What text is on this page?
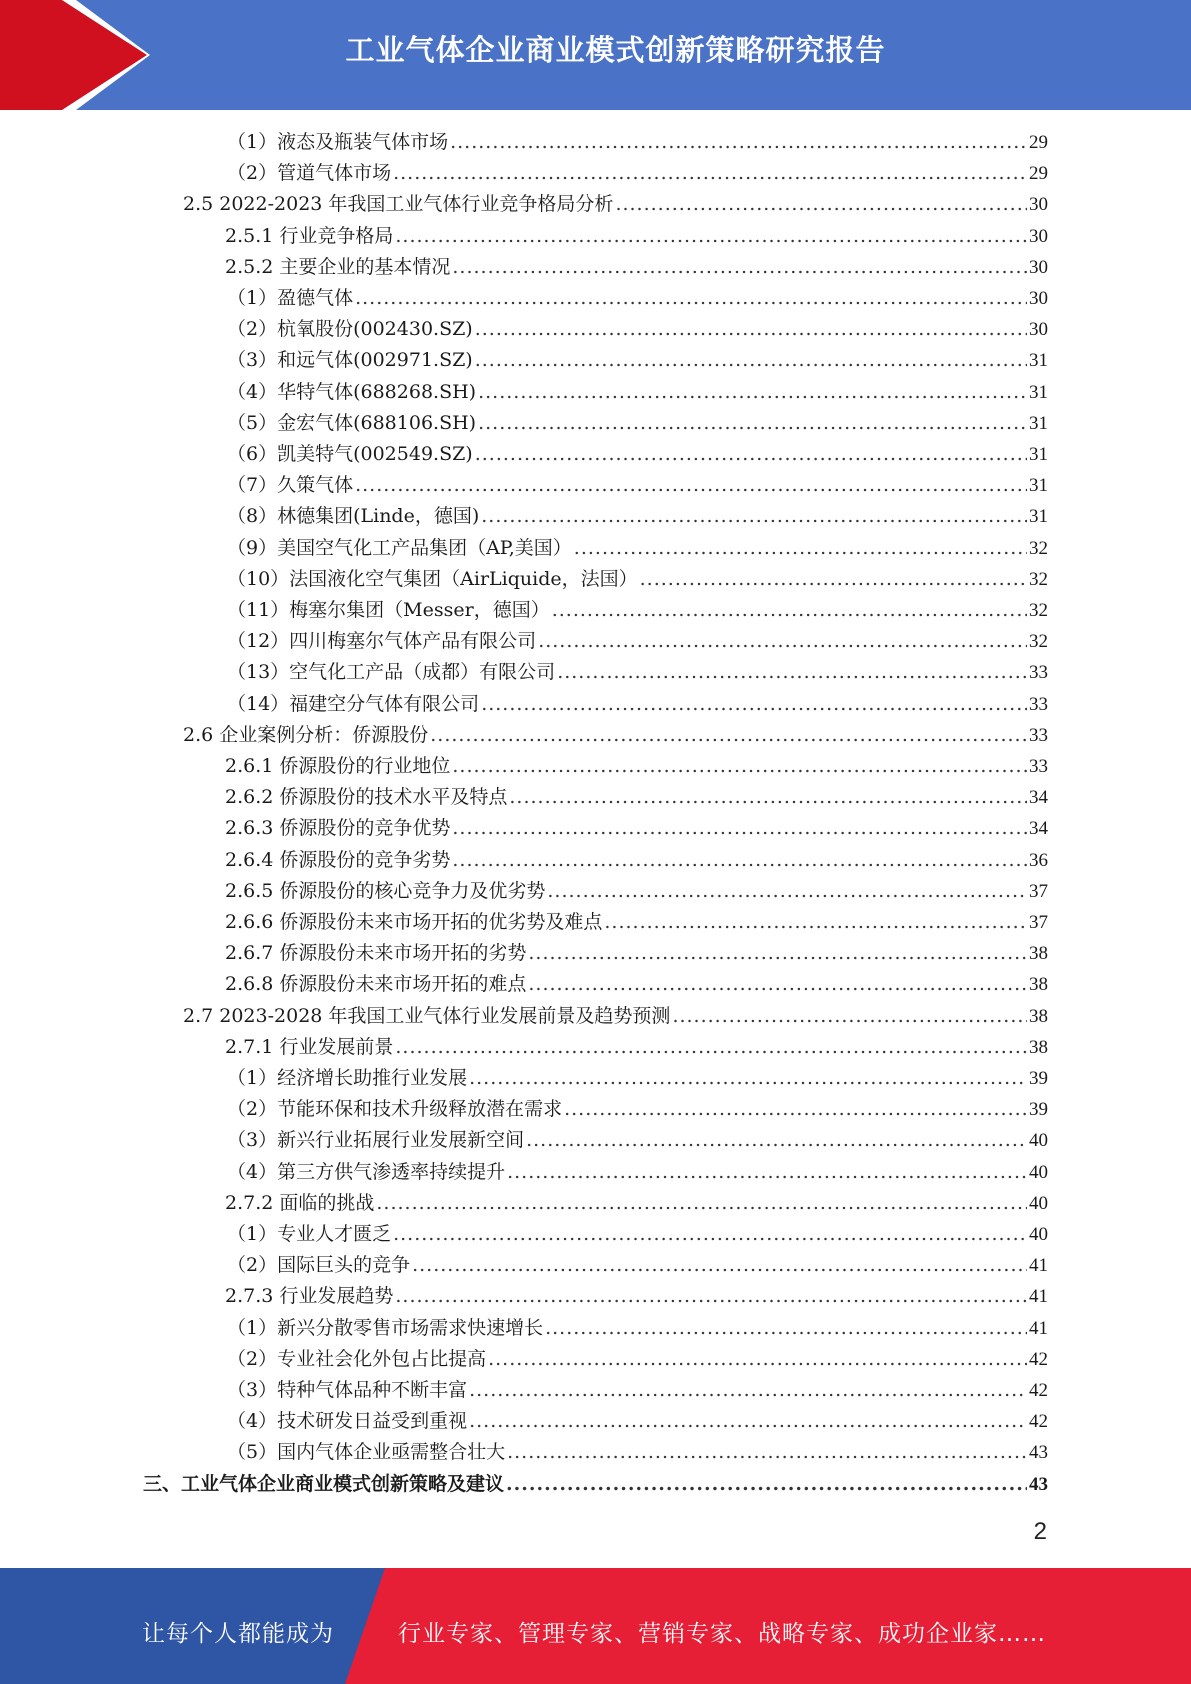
工业气体企业商业模式创新策略研究报告
（1）液态及瓶装气体市场 .....	29
（2）管道气体市场 .....	29
2.5 2022-2023 年我国工业气体行业竞争格局分析 .....	30
2.5.1 行业竞争格局 .....	30
2.5.2 主要企业的基本情况 .....	30
（1）盈德气体 .....	30
（2）杭氧股份(002430.SZ) .....	30
（3）和远气体(002971.SZ) .....	31
（4）华特气体(688268.SH) .....	31
（5）金宏气体(688106.SH) .....	31
（6）凯美特气(002549.SZ) .....	31
（7）久策气体 .....	31
（8）林德集团(Linde，德国) .....	31
（9）美国空气化工产品集团（AP,美国） .....	32
（10）法国液化空气集团（AirLiquide，法国） .....	32
（11）梅塞尔集团（Messer，德国） .....	32
（12）四川梅塞尔气体产品有限公司 .....	32
（13）空气化工产品（成都）有限公司 .....	33
（14）福建空分气体有限公司 .....	33
2.6 企业案例分析：侨源股份 .....	33
2.6.1 侨源股份的行业地位 .....	33
2.6.2 侨源股份的技术水平及特点 .....	34
2.6.3 侨源股份的竞争优势 .....	34
2.6.4 侨源股份的竞争劣势 .....	36
2.6.5 侨源股份的核心竞争力及优劣势 .....	37
2.6.6 侨源股份未来市场开拓的优劣势及难点 .....	37
2.6.7 侨源股份未来市场开拓的劣势 .....	38
2.6.8 侨源股份未来市场开拓的难点 .....	38
2.7 2023-2028 年我国工业气体行业发展前景及趋势预测 .....	38
2.7.1 行业发展前景 .....	38
（1）经济增长助推行业发展 .....	39
（2）节能环保和技术升级释放潜在需求 .....	39
（3）新兴行业拓展行业发展新空间 .....	40
（4）第三方供气渗透率持续提升 .....	40
2.7.2 面临的挑战 .....	40
（1）专业人才匮乏 .....	40
（2）国际巨头的竞争 .....	41
2.7.3 行业发展趋势 .....	41
（1）新兴分散零售市场需求快速增长 .....	41
（2）专业社会化外包占比提高 .....	42
（3）特种气体品种不断丰富 .....	42
（4）技术研发日益受到重视 .....	42
（5）国内气体企业亟需整合壮大 .....	43
三、工业气体企业商业模式创新策略及建议 .....	43
2
让每个人都能成为	行业专家、管理专家、营销专家、战略专家、成功企业家……
